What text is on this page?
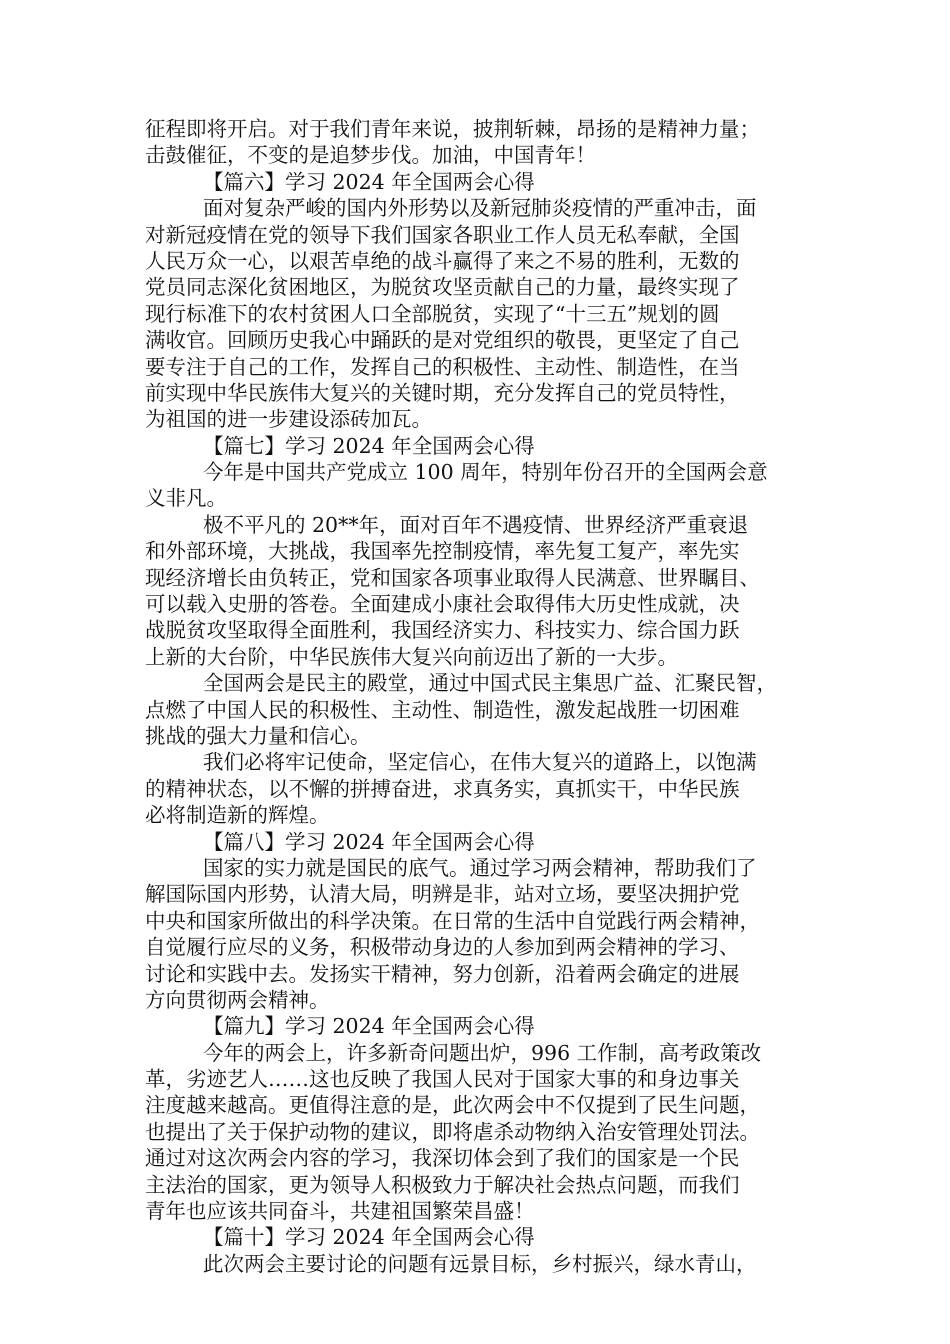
征程即将开启。对于我们青年来说，披荆斩棘，昂扬的是精神力量；
击鼓催征，不变的是追梦步伐。加油，中国青年！
【篇六】学习 2024 年全国两会心得
面对复杂严峻的国内外形势以及新冠肺炎疫情的严重冲击，面
对新冠疫情在党的领导下我们国家各职业工作人员无私奉献，全国
人民万众一心，以艰苦卓绝的战斗赢得了来之不易的胜利，无数的
党员同志深化贫困地区，为脱贫攻坚贡献自己的力量，最终实现了
现行标准下的农村贫困人口全部脱贫，实现了“十三五”规划的圆
满收官。回顾历史我心中踊跃的是对党组织的敬畏，更坚定了自己
要专注于自己的工作，发挥自己的积极性、主动性、制造性，在当
前实现中华民族伟大复兴的关键时期，充分发挥自己的党员特性，
为祖国的进一步建设添砖加瓦。
【篇七】学习 2024 年全国两会心得
今年是中国共产党成立 100 周年，特别年份召开的全国两会意
义非凡。
极不平凡的 20**年，面对百年不遇疫情、世界经济严重衰退
和外部环境，大挑战，我国率先控制疫情，率先复工复产，率先实
现经济增长由负转正，党和国家各项事业取得人民满意、世界瞩目、
可以载入史册的答卷。全面建成小康社会取得伟大历史性成就，决
战脱贫攻坚取得全面胜利，我国经济实力、科技实力、综合国力跃
上新的大台阶，中华民族伟大复兴向前迈出了新的一大步。
全国两会是民主的殿堂，通过中国式民主集思广益、汇聚民智，
点燃了中国人民的积极性、主动性、制造性，激发起战胜一切困难
挑战的强大力量和信心。
我们必将牢记使命，坚定信心，在伟大复兴的道路上，以饱满
的精神状态，以不懈的拼搏奋进，求真务实，真抓实干，中华民族
必将制造新的辉煌。
【篇八】学习 2024 年全国两会心得
国家的实力就是国民的底气。通过学习两会精神，帮助我们了
解国际国内形势，认清大局，明辨是非，站对立场，要坚决拥护党
中央和国家所做出的科学决策。在日常的生活中自觉践行两会精神，
自觉履行应尽的义务，积极带动身边的人参加到两会精神的学习、
讨论和实践中去。发扬实干精神，努力创新，沿着两会确定的进展
方向贯彻两会精神。
【篇九】学习 2024 年全国两会心得
今年的两会上，许多新奇问题出炉，996 工作制，高考政策改
革，劣迹艺人……这也反映了我国人民对于国家大事的和身边事关
注度越来越高。更值得注意的是，此次两会中不仅提到了民生问题，
也提出了关于保护动物的建议，即将虐杀动物纳入治安管理处罚法。
通过对这次两会内容的学习，我深切体会到了我们的国家是一个民
主法治的国家，更为领导人积极致力于解决社会热点问题，而我们
青年也应该共同奋斗，共建祖国繁荣昌盛！
【篇十】学习 2024 年全国两会心得
此次两会主要讨论的问题有远景目标，乡村振兴，绿水青山，
